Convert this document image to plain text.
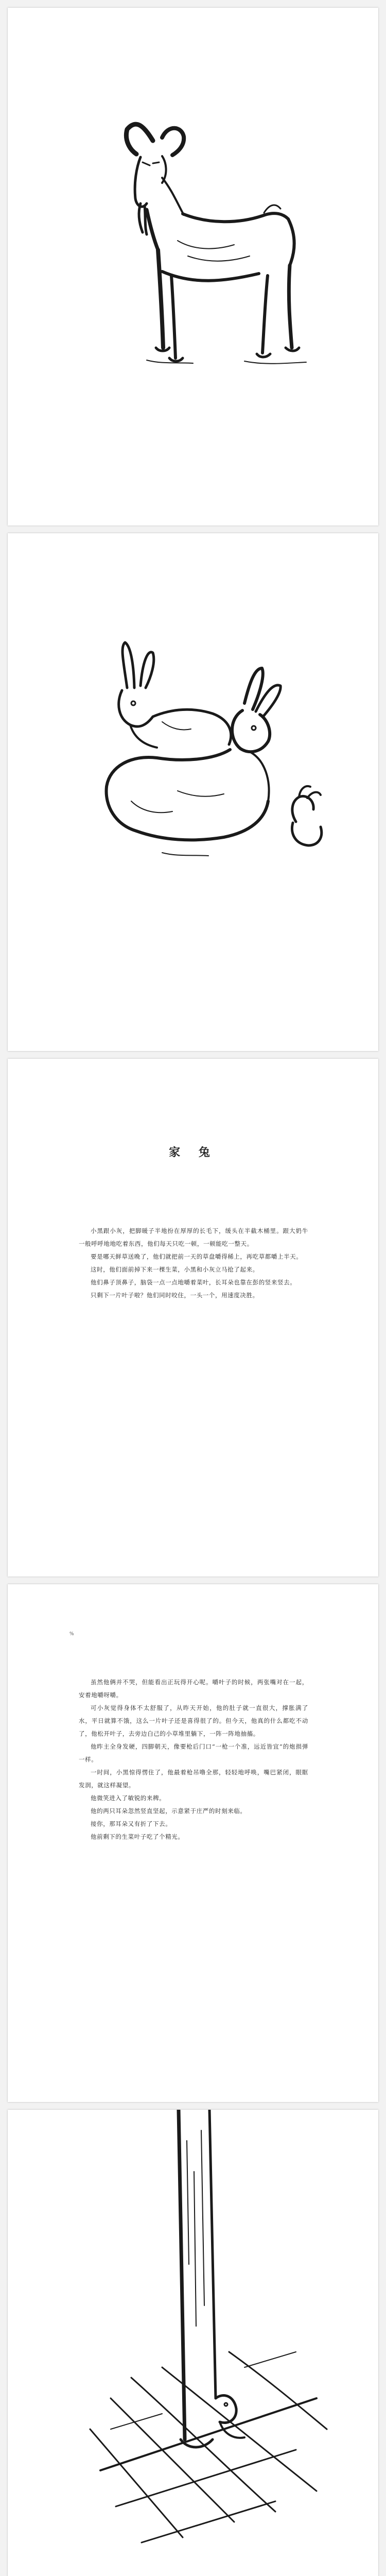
家 兔

小黑跟小灰，把脚暖子半地扮在厚厚的长毛下，缓头在半截木桶里。跟大奶牛一般呼呼地地吃着东西，他们每天只吃一顿，一顿能吃一整天。

要是哪天鲜草送晚了，他们就把前一天的草盘嚼得稀上，再吃草都嚼上半天。

这时，他们面前掉下来一棵生菜，小黑和小灰立马抢了起来。

他们鼻子顶鼻子，脑袋一点一点地嚼着菜叶，长耳朵也靠在彭的竖来竖去。

只剩下一片叶子啦？他们同时咬住，一头一个，用速度决胜。

%

虽然他俩并不哭，但能看出正玩得开心呢。嚼叶子的时候，两张嘴对在一起，安着地嚼呀嚼。

可小灰觉得身体不太舒服了，从昨天开始，他的肚子就一直很大，撑胀满了水，平日就算不饿，这么一片叶子还是喜得很了的。但今天，他真的什么都吃不动了，他松开叶子，去旁边白己的小草堆里躺下，一阵一阵地抽搐。

他昨主全身发硬，四脚朝天，像要枪后门口“一枪一个准，远近皆宜”的炮损弹一样。

一时间，小黑惊得愣住了，他最着枪吊噜全那，轻轻地呼唤，嘴巴紧闭，眼眶发润，就这样凝望。

他微笑进入了敏锐的来稗。

他的两只耳朵忽然竖直坚起，示意紧于庄严的时刻来临。

接你，那耳朵又有折了下去。

他前剩下的生菜叶子吃了个精光。
